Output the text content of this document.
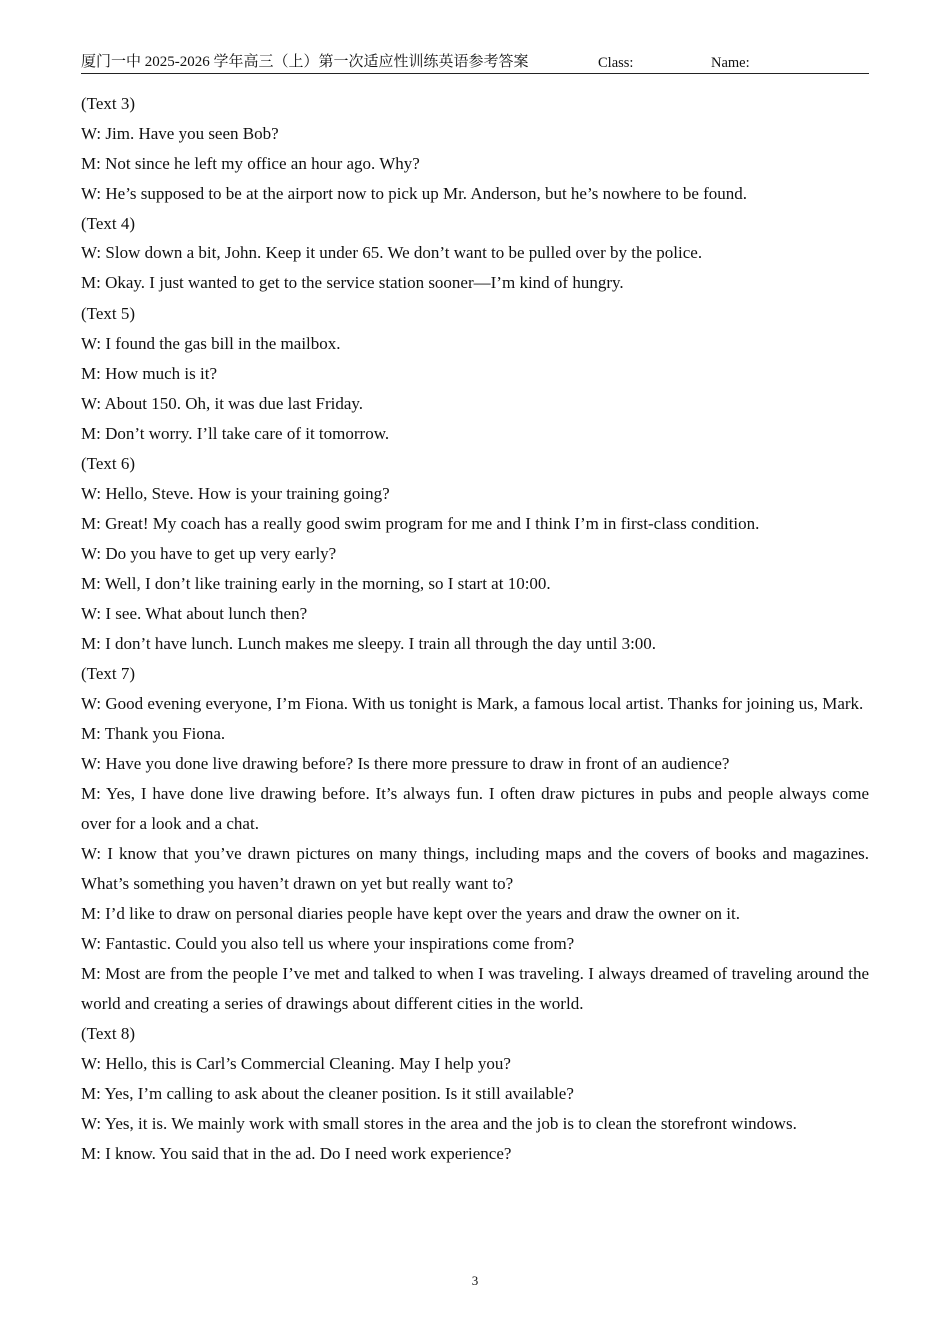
厦门一中 2025-2026 学年高三（上）第一次适应性训练英语参考答案	Class:	Name:

(Text 3)

W: Jim. Have you seen Bob?

M: Not since he left my office an hour ago. Why?

W: He’s supposed to be at the airport now to pick up Mr. Anderson, but he’s nowhere to be found.

(Text 4)

W: Slow down a bit, John. Keep it under 65. We don’t want to be pulled over by the police.

M: Okay. I just wanted to get to the service station sooner—I’m kind of hungry.

(Text 5)

W: I found the gas bill in the mailbox.

M: How much is it?

W: About 150. Oh, it was due last Friday.

M: Don’t worry. I’ll take care of it tomorrow.

(Text 6)

W: Hello, Steve. How is your training going?

M: Great! My coach has a really good swim program for me and I think I’m in first-class condition.

W: Do you have to get up very early?

M: Well, I don’t like training early in the morning, so I start at 10:00.

W: I see. What about lunch then?

M: I don’t have lunch. Lunch makes me sleepy. I train all through the day until 3:00.

(Text 7)

W: Good evening everyone, I’m Fiona. With us tonight is Mark, a famous local artist. Thanks for joining us, Mark.

M: Thank you Fiona.

W: Have you done live drawing before? Is there more pressure to draw in front of an audience?

M: Yes, I have done live drawing before. It’s always fun. I often draw pictures in pubs and people always come over for a look and a chat.

W: I know that you’ve drawn pictures on many things, including maps and the covers of books and magazines. What’s something you haven’t drawn on yet but really want to?

M: I’d like to draw on personal diaries people have kept over the years and draw the owner on it.

W: Fantastic. Could you also tell us where your inspirations come from?

M: Most are from the people I’ve met and talked to when I was traveling. I always dreamed of traveling around the world and creating a series of drawings about different cities in the world.

(Text 8)

W: Hello, this is Carl’s Commercial Cleaning. May I help you?

M: Yes, I’m calling to ask about the cleaner position. Is it still available?

W: Yes, it is. We mainly work with small stores in the area and the job is to clean the storefront windows.

M: I know. You said that in the ad. Do I need work experience?

3
